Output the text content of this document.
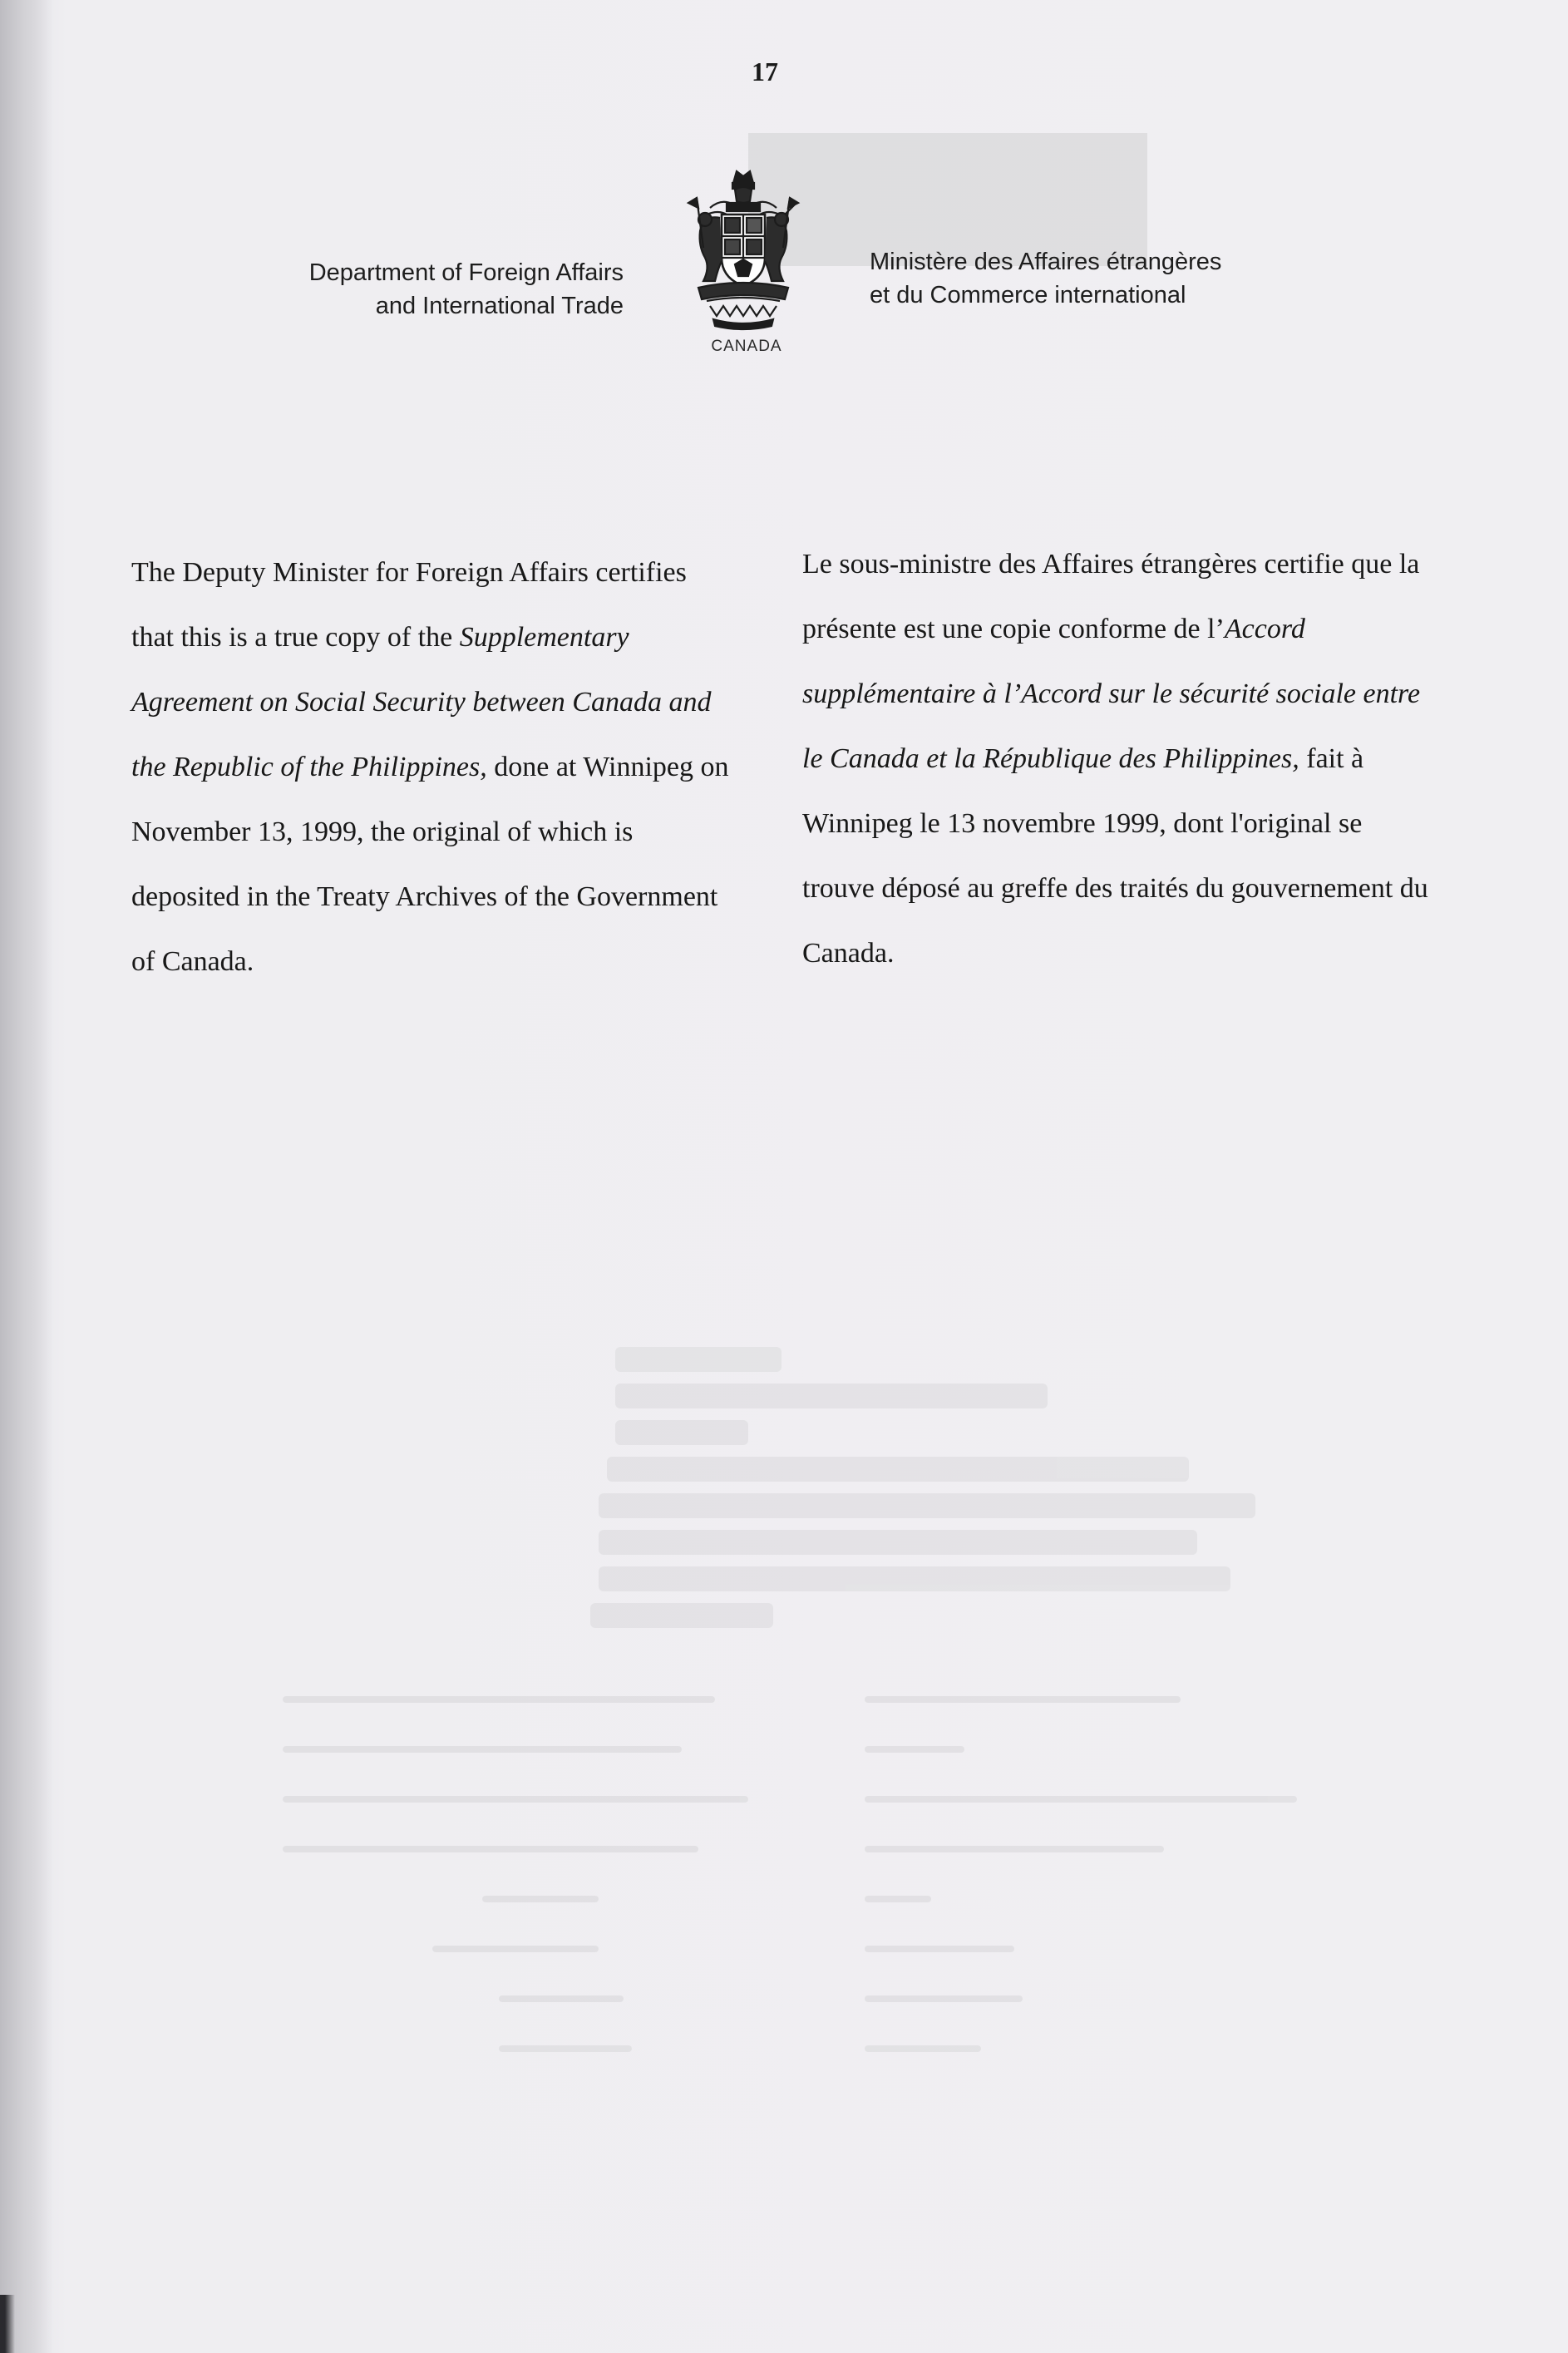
17
Department of Foreign Affairs
and International Trade
CANADA
Ministère des Affaires étrangères
et du Commerce international

The Deputy Minister for Foreign Affairs certifies that this is a true copy of the Supplementary Agreement on Social Security between Canada and the Republic of the Philippines, done at Winnipeg on November 13, 1999, the original of which is deposited in the Treaty Archives of the Government of Canada.

Le sous-ministre des Affaires étrangères certifie que la présente est une copie conforme de l’Accord supplémentaire à l’Accord sur le sécurité sociale entre le Canada et la République des Philippines, fait à Winnipeg le 13 novembre 1999, dont l'original se trouve déposé au greffe des traités du gouvernement du Canada.
